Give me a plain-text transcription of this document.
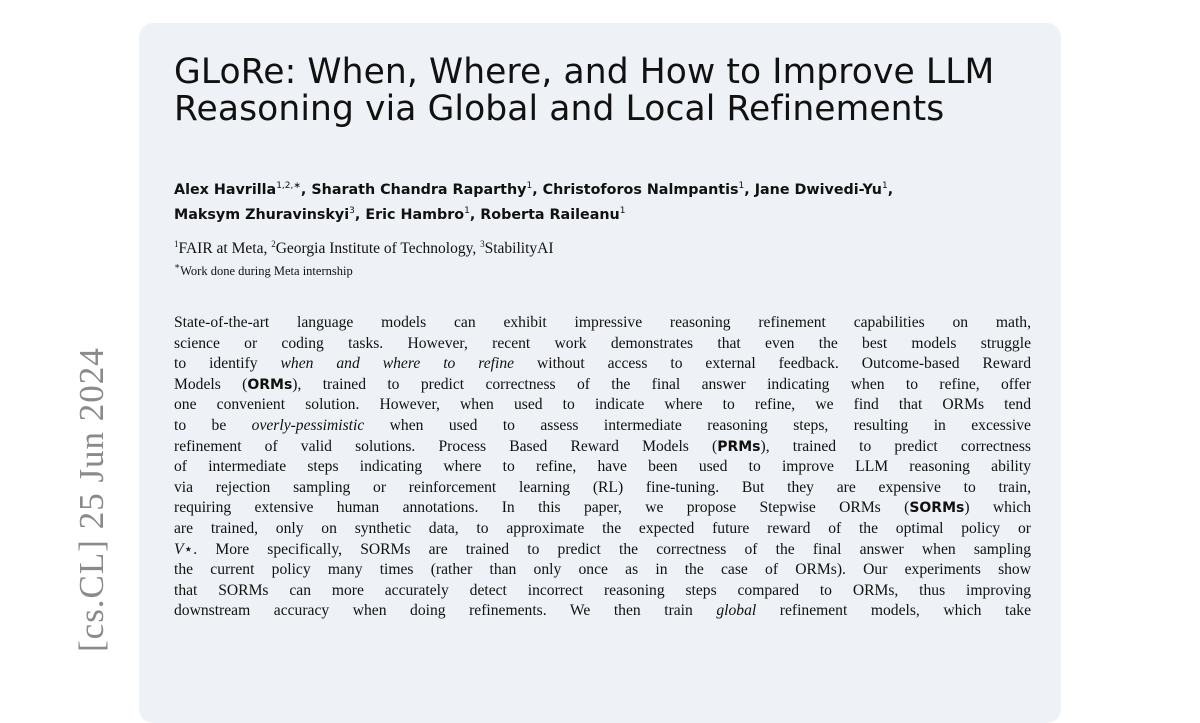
[cs.CL] 25 Jun 2024
GLoRe: When, Where, and How to Improve LLM Reasoning via Global and Local Refinements
Alex Havrilla$^{1,2,∗}$, Sharath Chandra Raparthy$^1$, Christoforos Nalmpantis$^1$, Jane Dwivedi-Yu$^1$,
Maksym Zhuravinskyi$^3$, Eric Hambro$^1$, Roberta Raileanu$^1$
$^1$FAIR at Meta, $^2$Georgia Institute of Technology, $^3$StabilityAI
∗Work done during Meta internship
State-of-the-art language models can exhibit impressive reasoning refinement capabilities on math,
science or coding tasks. However, recent work demonstrates that even the best models struggle
to identify when and where to refine without access to external feedback. Outcome-based Reward
Models (ORMs), trained to predict correctness of the final answer indicating when to refine, offer
one convenient solution. However, when used to indicate where to refine, we find that ORMs tend
to be overly-pessimistic when used to assess intermediate reasoning steps, resulting in excessive
refinement of valid solutions. Process Based Reward Models (PRMs), trained to predict correctness
of intermediate steps indicating where to refine, have been used to improve LLM reasoning ability
via rejection sampling or reinforcement learning (RL) fine-tuning. But they are expensive to train,
requiring extensive human annotations. In this paper, we propose Stepwise ORMs (SORMs) which
are trained, only on synthetic data, to approximate the expected future reward of the optimal policy or
V⋆. More specifically, SORMs are trained to predict the correctness of the final answer when sampling
the current policy many times (rather than only once as in the case of ORMs). Our experiments show
that SORMs can more accurately detect incorrect reasoning steps compared to ORMs, thus improving
downstream accuracy when doing refinements. We then train global refinement models, which take
